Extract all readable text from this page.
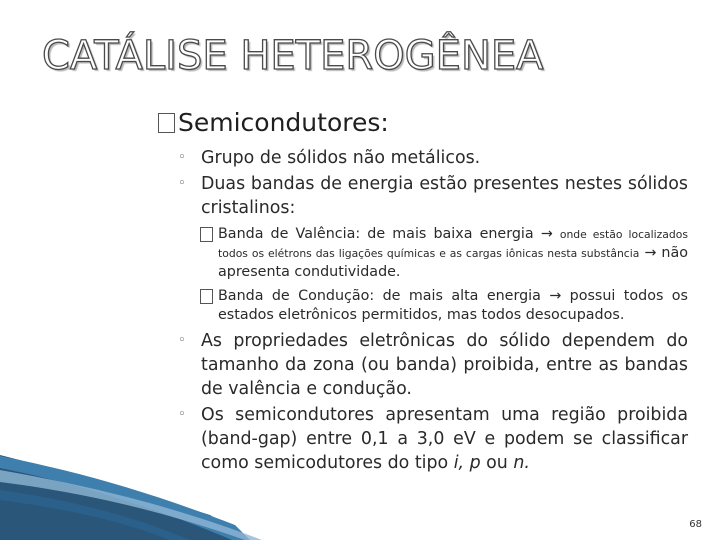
CATÁLISE HETEROGÊNEA
Semicondutores:
◦ Grupo de sólidos não metálicos.
◦ Duas bandas de energia estão presentes nestes sólidos cristalinos:
Banda de Valência: de mais baixa energia → onde estão localizados todos os elétrons das ligações químicas e as cargas iônicas nesta substância → não apresenta condutividade.
Banda de Condução: de mais alta energia → possui todos os estados eletrônicos permitidos, mas todos desocupados.
◦ As propriedades eletrônicas do sólido dependem do tamanho da zona (ou banda) proibida, entre as bandas de valência e condução.
◦ Os semicondutores apresentam uma região proibida (band-gap) entre 0,1 a 3,0 eV e podem se classificar como semicodutores do tipo i, p ou n.
68
